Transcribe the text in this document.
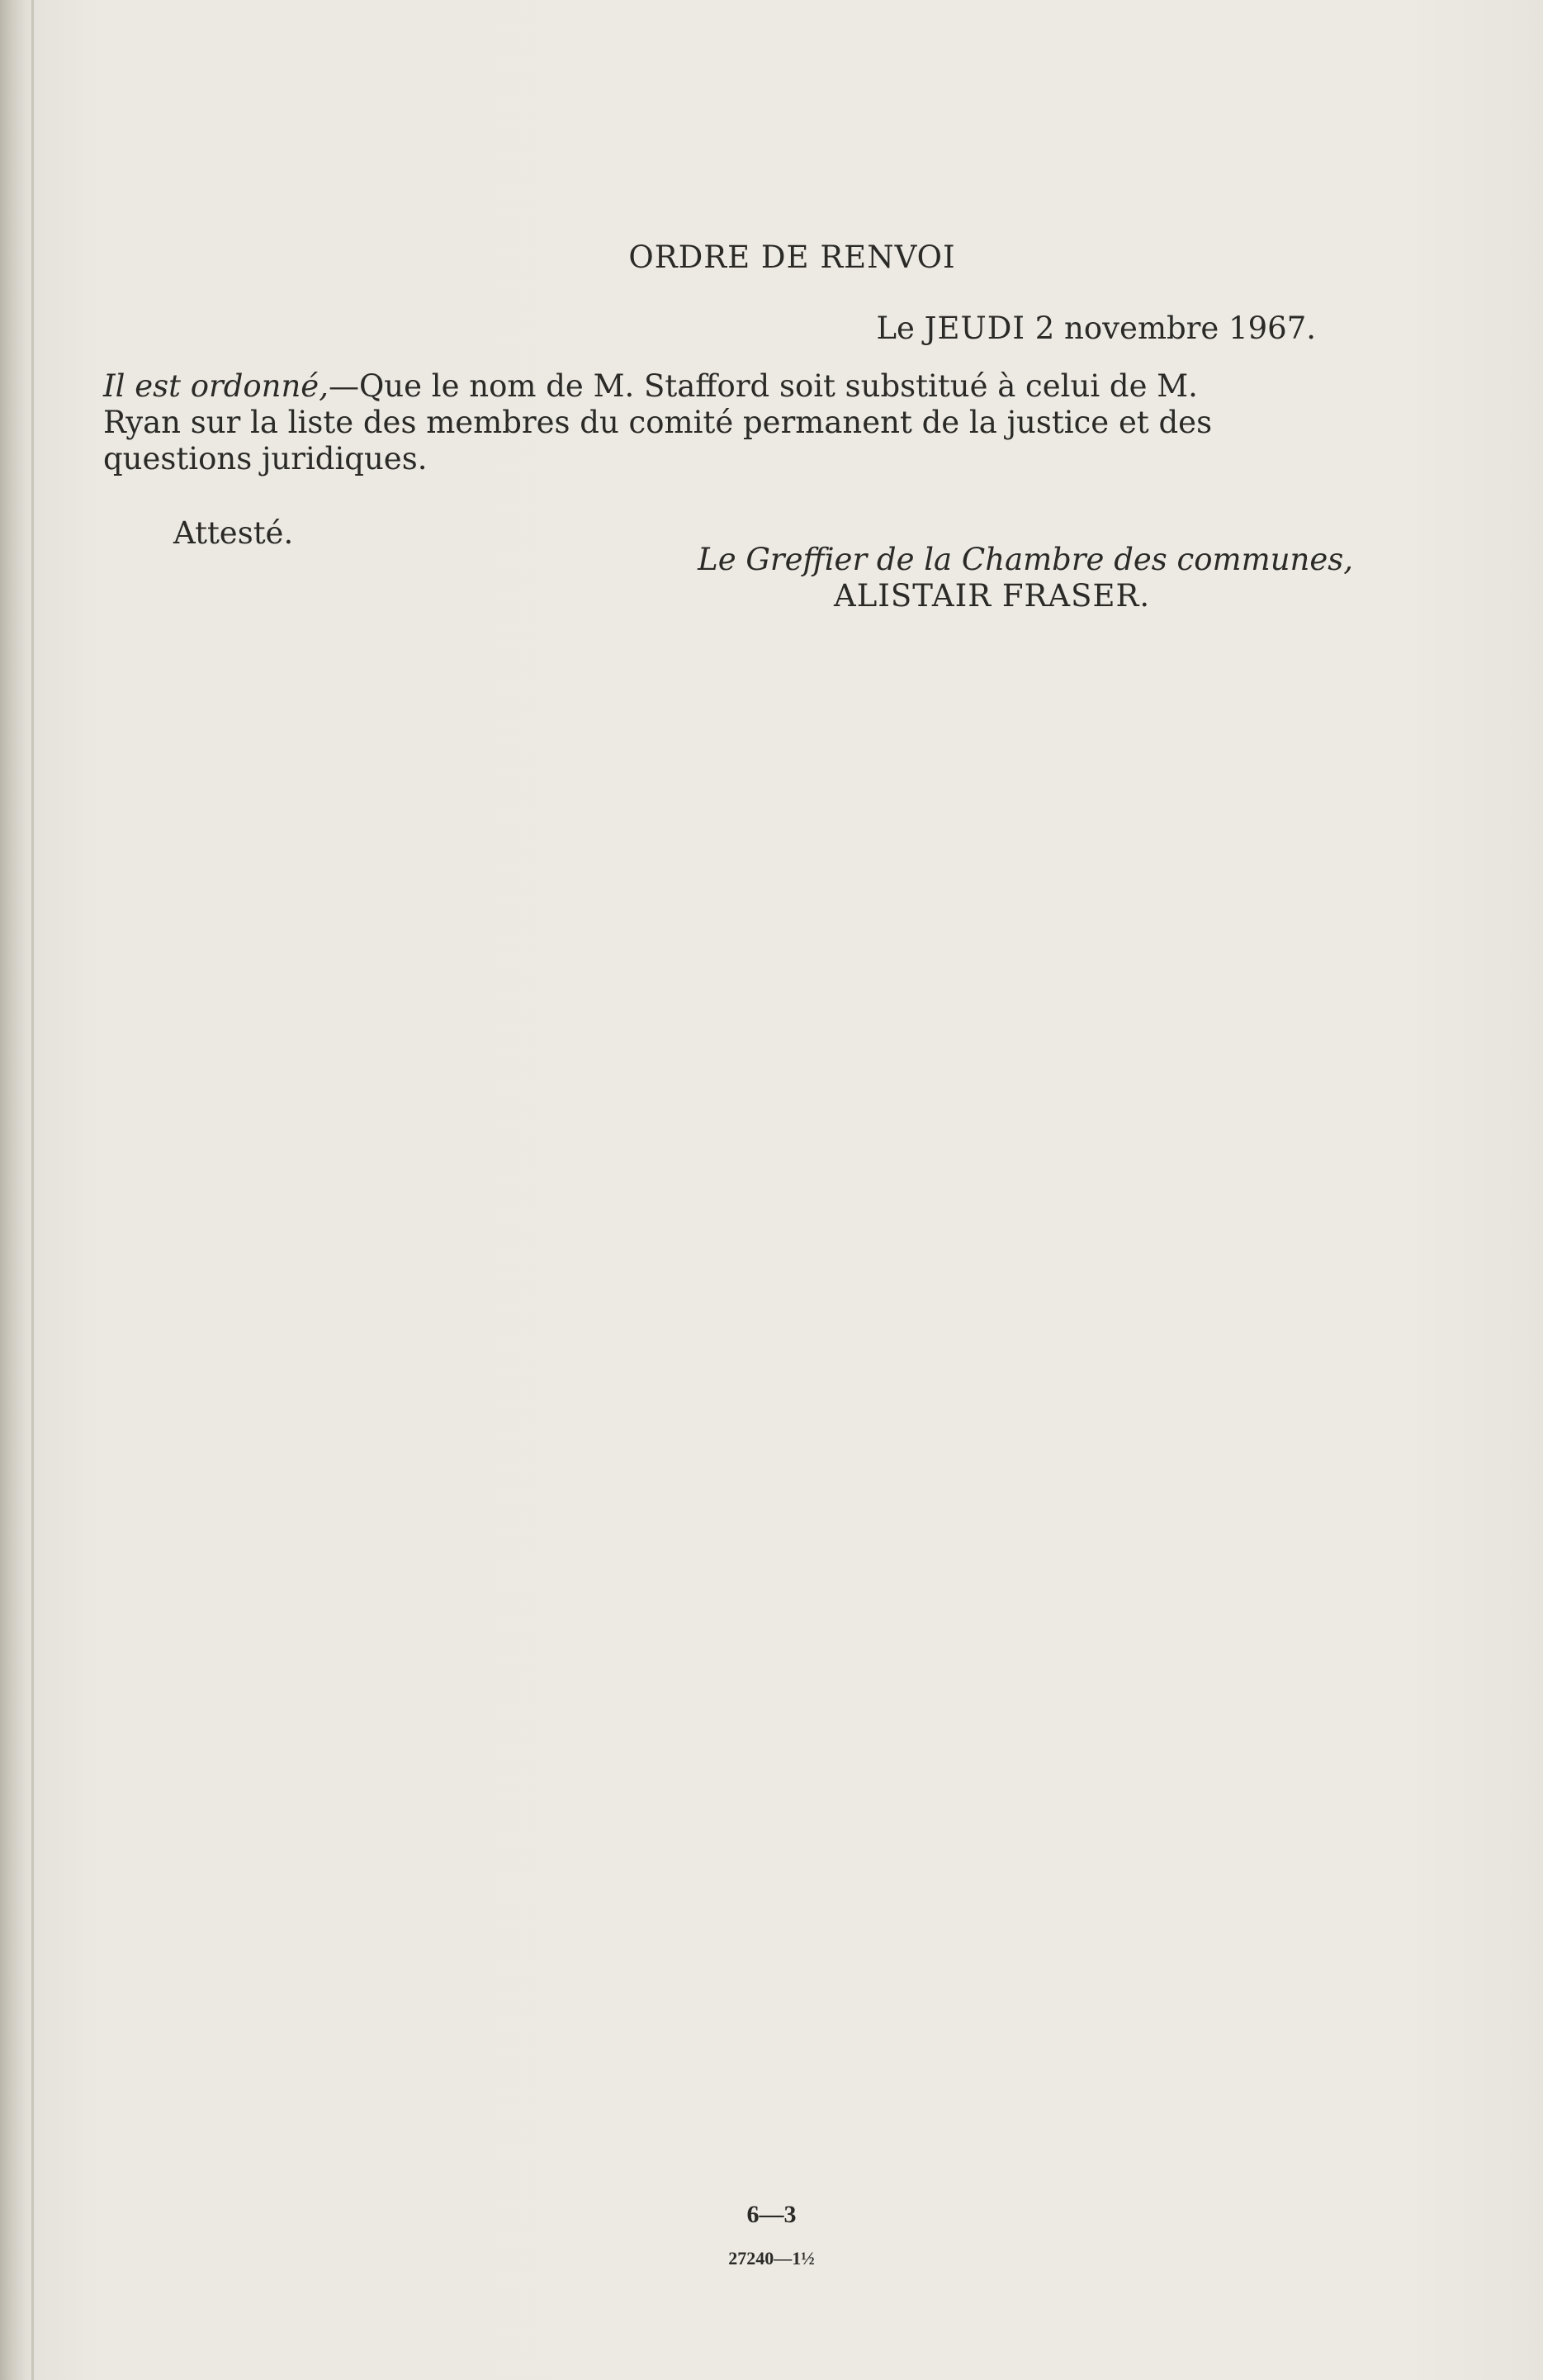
ORDRE DE RENVOI
Le JEUDI 2 novembre 1967.
Il est ordonné,—Que le nom de M. Stafford soit substitué à celui de M.
Ryan sur la liste des membres du comité permanent de la justice et des
questions juridiques.
Attesté.
Le Greffier de la Chambre des communes,
ALISTAIR FRASER.
6—3
27240—1½
